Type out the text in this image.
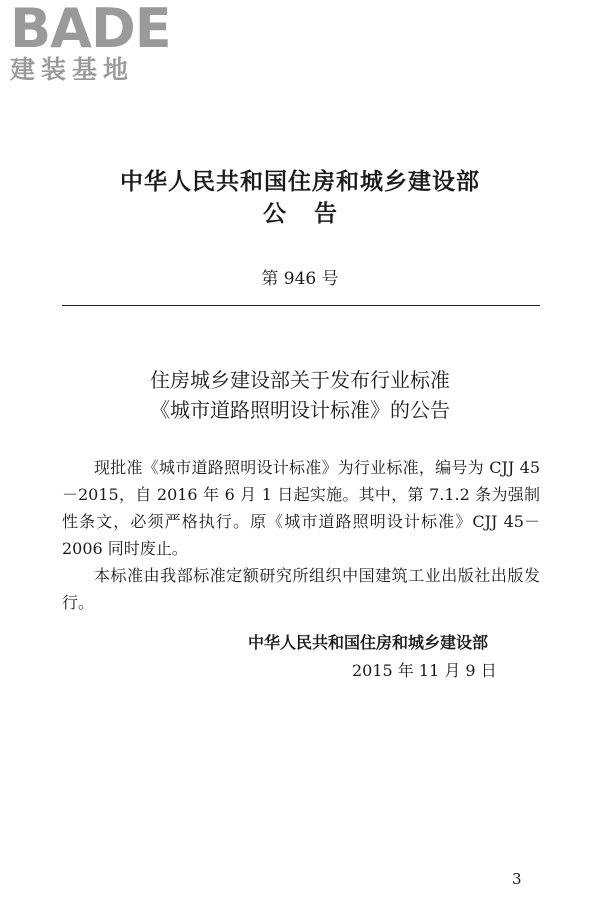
BADE
建装基地
中华人民共和国住房和城乡建设部
公告
第 946 号
住房城乡建设部关于发布行业标准
《城市道路照明设计标准》的公告

现批准《城市道路照明设计标准》为行业标准，编号为 CJJ 45－2015，自 2016 年 6 月 1 日起实施。其中，第 7.1.2 条为强制性条文，必须严格执行。原《城市道路照明设计标准》CJJ 45－2006 同时废止。

本标准由我部标准定额研究所组织中国建筑工业出版社出版发行。

中华人民共和国住房和城乡建设部
2015 年 11 月 9 日
3
